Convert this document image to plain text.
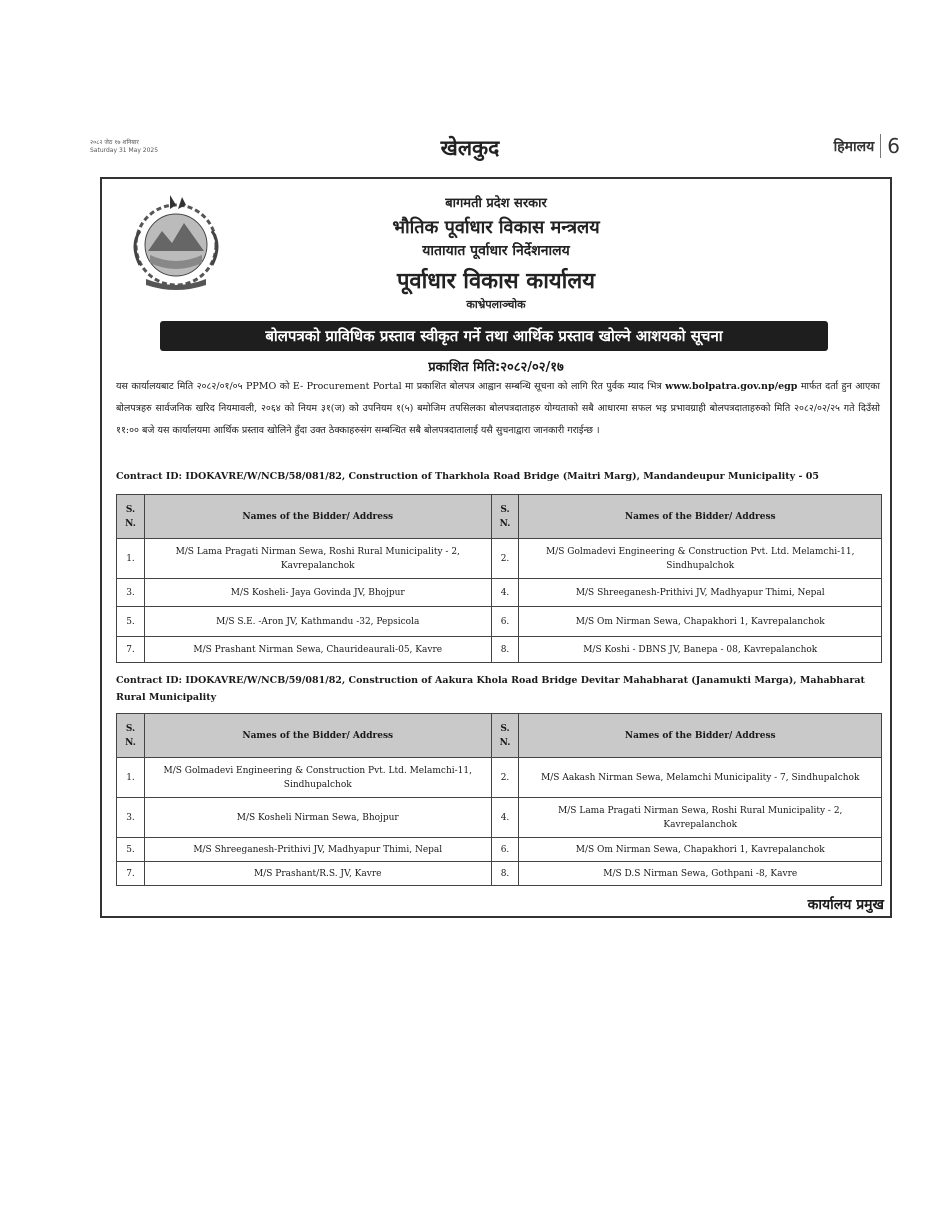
२०८२ जेठ १७ शनिबार
Saturday 31 May 2025	खेलकुद	हिमालय 6
बागमती प्रदेश सरकार
भौतिक पूर्वाधार विकास मन्त्रलय
यातायात पूर्वाधार निर्देशनालय
पूर्वाधार विकास कार्यालय
काभ्रेपलाञ्चोक
बोलपत्रको प्राविधिक प्रस्ताव स्वीकृत गर्ने तथा आर्थिक प्रस्ताव खोल्ने आशयको सूचना
प्रकाशित मिति:२०८२/०२/१७
यस कार्यालयबाट मिति २०८२/०१/०५ PPMO को E- Procurement Portal मा प्रकाशित बोलपत्र आह्वान सम्बन्धि सूचना को लागि रित पुर्वक म्याद भित्र www.bolpatra.gov.np/egp मार्फत दर्ता हुन आएका बोलपत्रहरु सार्वजनिक खरिद नियमावली, २०६४ को नियम ३१(ज) को उपनियम १(५) बमोजिम तपसिलका बोलपत्रदाताहरु योग्यताको सबै आधारमा सफल भइ प्रभावग्राही बोलपत्रदाताहरुको मिति २०८२/०२/२५ गते दिउँसो ११:०० बजे यस कार्यालयमा आर्थिक प्रस्ताव खोलिने हुँदा उक्त ठेक्काहरुसंग सम्बन्धित सबै बोलपत्रदातालाई यसै सुचनाद्वारा जानकारी गराईन्छ ।
Contract ID: IDOKAVRE/W/NCB/58/081/82, Construction of Tharkhola Road Bridge (Maitri Marg), Mandandeupur Municipality - 05
S. N.	Names of the Bidder/ Address	S. N.	Names of the Bidder/ Address
1.	M/S Lama Pragati Nirman Sewa, Roshi Rural Municipality - 2, Kavrepalanchok	2.	M/S Golmadevi Engineering & Construction Pvt. Ltd. Melamchi-11, Sindhupalchok
3.	M/S Kosheli- Jaya Govinda JV, Bhojpur	4.	M/S Shreeganesh-Prithivi JV, Madhyapur Thimi, Nepal
5.	M/S S.E. -Aron JV, Kathmandu -32, Pepsicola	6.	M/S Om Nirman Sewa, Chapakhori 1, Kavrepalanchok
7.	M/S Prashant Nirman Sewa, Chaurideaurali-05, Kavre	8.	M/S Koshi - DBNS JV, Banepa - 08, Kavrepalanchok
Contract ID: IDOKAVRE/W/NCB/59/081/82, Construction of Aakura Khola Road Bridge Devitar Mahabharat (Janamukti Marga), Mahabharat Rural Municipality
S. N.	Names of the Bidder/ Address	S. N.	Names of the Bidder/ Address
1.	M/S Golmadevi Engineering & Construction Pvt. Ltd. Melamchi-11, Sindhupalchok	2.	M/S Aakash Nirman Sewa, Melamchi Municipality - 7, Sindhupalchok
3.	M/S Kosheli Nirman Sewa, Bhojpur	4.	M/S Lama Pragati Nirman Sewa, Roshi Rural Municipality - 2, Kavrepalanchok
5.	M/S Shreeganesh-Prithivi JV, Madhyapur Thimi, Nepal	6.	M/S Om Nirman Sewa, Chapakhori 1, Kavrepalanchok
7.	M/S Prashant/R.S. JV, Kavre	8.	M/S D.S Nirman Sewa, Gothpani -8, Kavre
कार्यालय प्रमुख
